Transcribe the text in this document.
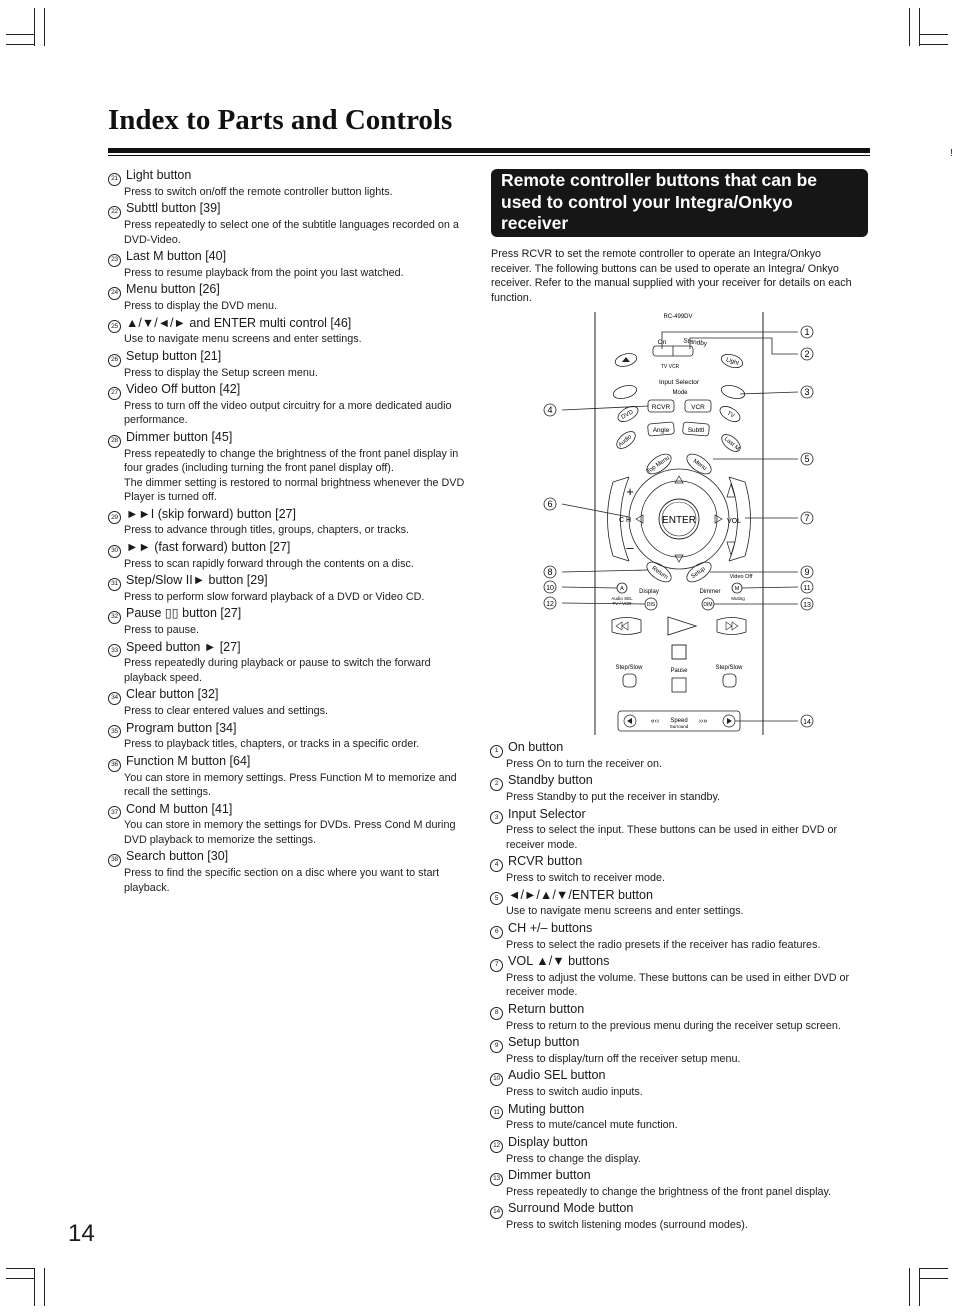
Index to Parts and Controls
!
21 Light button
Press to switch on/off the remote controller button lights.
22 Subttl button [39]
Press repeatedly to select one of the subtitle languages recorded on a DVD-Video.
23 Last M button [40]
Press to resume playback from the point you last watched.
24 Menu button [26]
Press to display the DVD menu.
25 ▲/▼/◄/► and ENTER multi control [46]
Use to navigate menu screens and enter settings.
26 Setup button [21]
Press to display the Setup screen menu.
27 Video Off button [42]
Press to turn off the video output circuitry for a more dedicated audio performance.
28 Dimmer button [45]
Press repeatedly to change the brightness of the front panel display in four grades (including turning the front panel display off).
The dimmer setting is restored to normal brightness whenever the DVD Player is turned off.
29 ►►I (skip forward) button [27]
Press to advance through titles, groups, chapters, or tracks.
30 ►► (fast forward) button [27]
Press to scan rapidly forward through the contents on a disc.
31 Step/Slow II► button [29]
Press to perform slow forward playback of a DVD or Video CD.
32 Pause ▯▯ button [27]
Press to pause.
33 Speed button ► [27]
Press repeatedly during playback or pause to switch the forward playback speed.
34 Clear button [32]
Press to clear entered values and settings.
35 Program button [34]
Press to playback titles, chapters, or tracks in a specific order.
36 Function M button [64]
You can store in memory settings. Press Function M to memorize and recall the settings.
37 Cond M button [41]
You can store in memory the settings for DVDs. Press Cond M during DVD playback to memorize the settings.
38 Search button [30]
Press to find the specific section on a disc where you want to start playback.
Remote controller buttons that can be used to control your Integra/Onkyo receiver

Press RCVR to set the remote controller to operate an Integra/Onkyo receiver. The following buttons can be used to operate an Integra/ Onkyo receiver. Refer to the manual supplied with your receiver for details on each function.

RC-499DV
On	Standby
TV VCR
Light
Input Selector
Mode
DVD
RCVR	VCR
TV
Audio
Angle	Subttl
Last M
Top Menu	Menu
ENTER
+
–
C H	VOL
Return	Setup	Video Off
A	Display	Dimmer	M
Audio SEL
TV / VCR	DIS	DIM
Muting
Step/Slow	Pause	Step/Slow
«‹‹	››»
Speed
Surround
1
2
3
5
7
9
11
13
14
4
6
8
10
12
1 On button
Press On to turn the receiver on.
2 Standby button
Press Standby to put the receiver in standby.
3 Input Selector
Press to select the input. These buttons can be used in either DVD or receiver mode.
4 RCVR button
Press to switch to receiver mode.
5 ◄/►/▲/▼/ENTER button
Use to navigate menu screens and enter settings.
6 CH +/– buttons
Press to select the radio presets if the receiver has radio features.
7 VOL ▲/▼ buttons
Press to adjust the volume. These buttons can be used in either DVD or receiver mode.
8 Return button
Press to return to the previous menu during the receiver setup screen.
9 Setup button
Press to display/turn off the receiver setup menu.
10 Audio SEL button
Press to switch audio inputs.
11 Muting button
Press to mute/cancel mute function.
12 Display button
Press to change the display.
13 Dimmer button
Press repeatedly to change the brightness of the front panel display.
14 Surround Mode button
Press to switch listening modes (surround modes).
14
